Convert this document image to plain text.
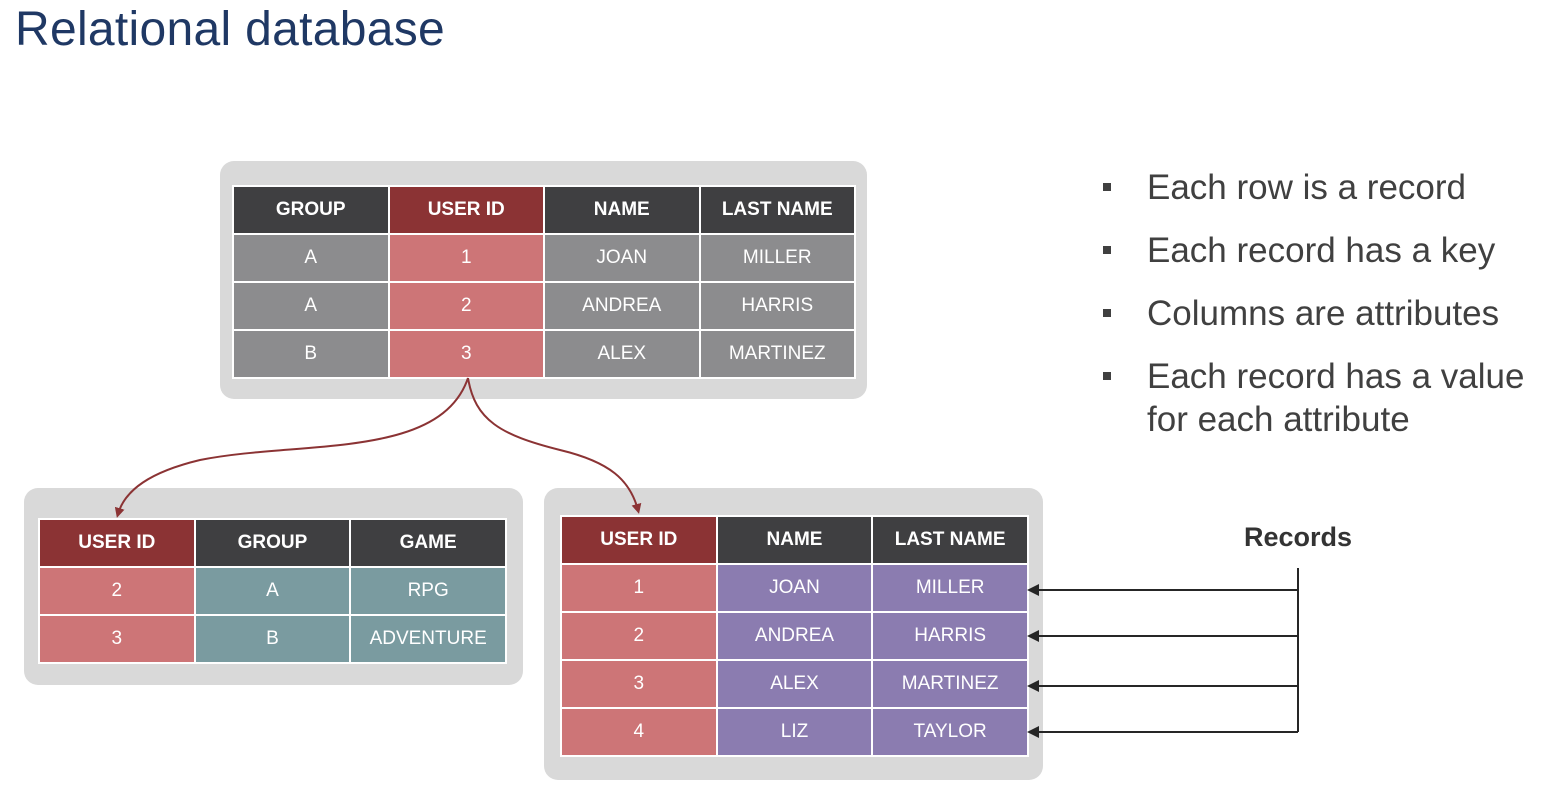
Relational database
GROUP	USER ID	NAME	LAST NAME
A	1	JOAN	MILLER
A	2	ANDREA	HARRIS
B	3	ALEX	MARTINEZ
USER ID	GROUP	GAME
2	A	RPG
3	B	ADVENTURE
USER ID	NAME	LAST NAME
1	JOAN	MILLER
2	ANDREA	HARRIS
3	ALEX	MARTINEZ
4	LIZ	TAYLOR
Records
Each row is a record
Each record has a key
Columns are attributes
Each record has a value for each attribute
